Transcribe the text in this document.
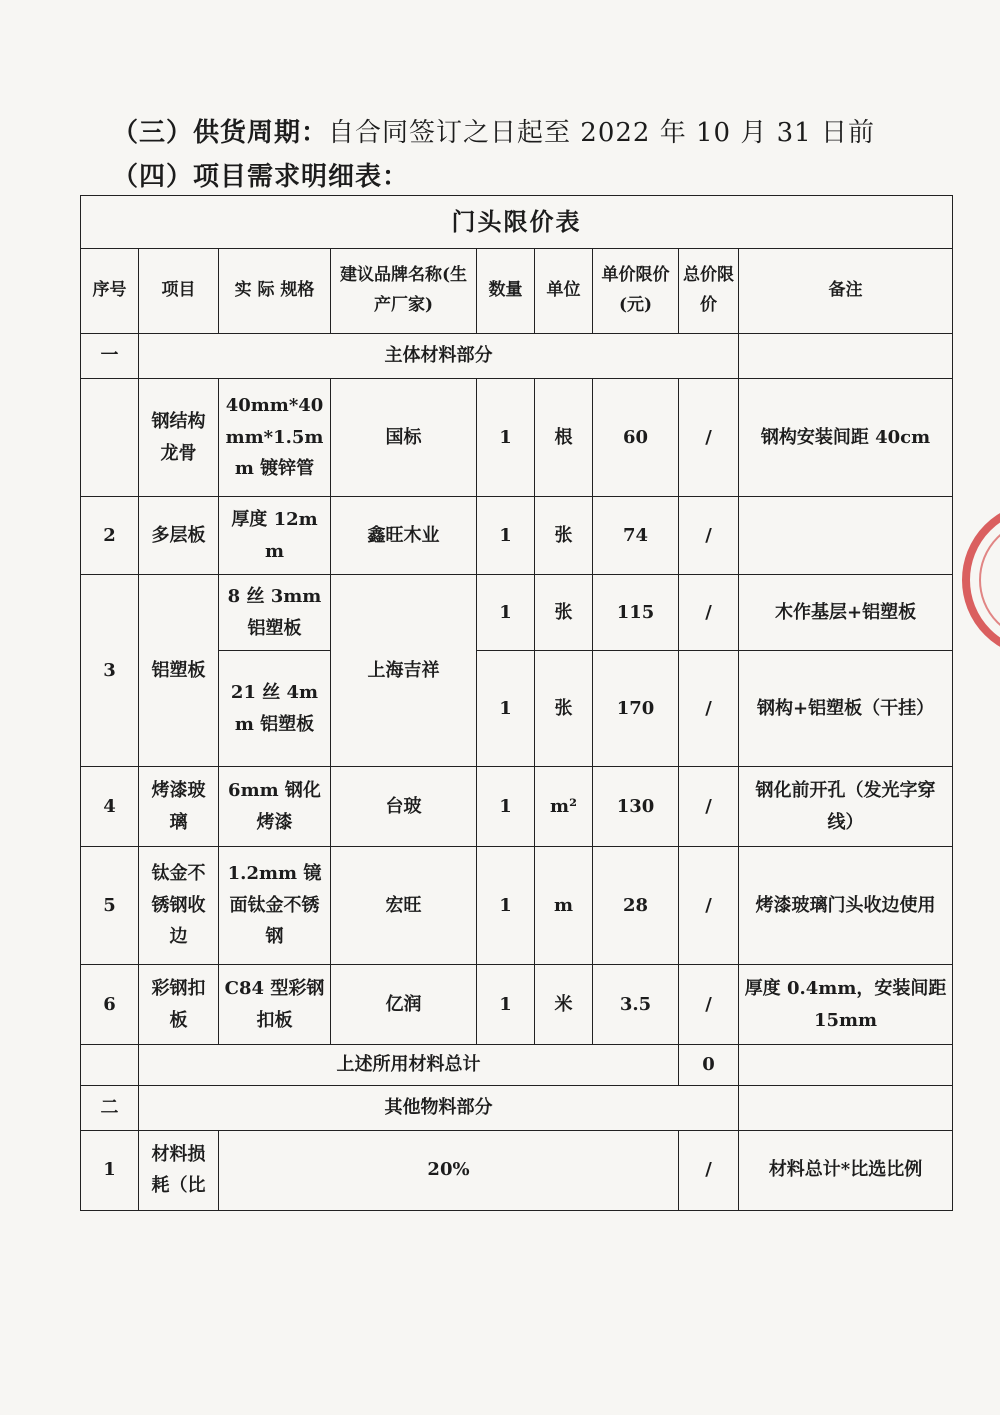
（三）供货周期：自合同签订之日起至 2022 年 10 月 31 日前
（四）项目需求明细表：
门头限价表								
序号	项目	实 际 规格	建议品牌名称(生产厂家)	数量	单位	单价限价(元)	总价限价	备注
一	主体材料部分							
	钢结构龙骨	40mm*40mm*1.5mm 镀锌管	国标	1	根	60	/	钢构安装间距 40cm
2	多层板	厚度 12mm	鑫旺木业	1	张	74	/	
3	铝塑板	8 丝 3mm 铝塑板	上海吉祥	1	张	115	/	木作基层+铝塑板
		21 丝 4mm 铝塑板		1	张	170	/	钢构+铝塑板（干挂）
4	烤漆玻璃	6mm 钢化烤漆	台玻	1	m²	130	/	钢化前开孔（发光字穿线）
5	钛金不锈钢收边	1.2mm 镜面钛金不锈钢	宏旺	1	m	28	/	烤漆玻璃门头收边使用
6	彩钢扣板	C84 型彩钢扣板	亿润	1	米	3.5	/	厚度 0.4mm，安装间距 15mm
	上述所用材料总计						0	
二	其他物料部分							
1	材料损耗（比	20%					/	材料总计*比选比例
